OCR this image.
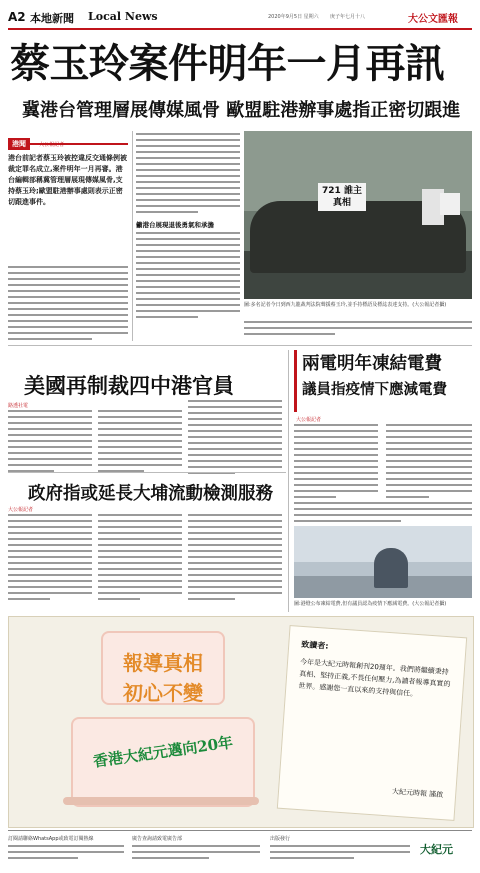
A2 本地新聞 Local News	2020年9月5日 星期六 庚子年七月十八	大公文匯報
蔡玉玲案件明年一月再訊
冀港台管理層展傳媒風骨 歐盟駐港辦事處指正密切跟進
港聞	大公報記者
港台前記者蔡玉玲被控違反交通條例被裁定罪名成立,案件明年一月再審。港台編輯部稱冀管理層展現傳媒風骨,支持蔡玉玲;歐盟駐港辦事處則表示正密切跟進事件。
籲港台展現退後勇氣和承擔
721 誰主真相
圖:多名記者今日到西九龍裁判法院聲援蔡玉玲,並手持標語及標誌表達支持。(大公報記者攝)
美國再制裁四中港官員
路透社電
政府指或延長大埔流動檢測服務
大公報記者
兩電明年凍結電費
議員指疫情下應減電費
大公報記者
圖:港燈公布凍結電費,但有議員認為疫情下應減電費。(大公報記者攝)
報導真相
初心不變
香港大紀元邁向20年
致讀者:
今年是大紀元時報創刊20週年。我們將繼續秉持真相、堅持正義,不畏任何壓力,為讀者報導真實的世界。感謝您一直以來的支持與信任。
大紀元時報 謹啟
訂閱請聯絡WhatsApp或致電訂閱熱線	廣告查詢請致電廣告部	出版發行
大紀元
